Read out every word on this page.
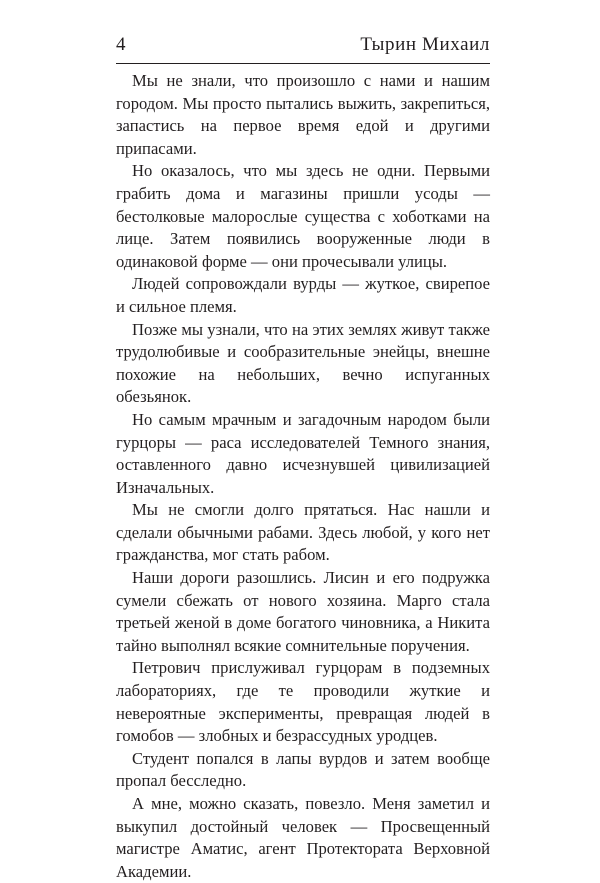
4	Тырин Михаил

Мы не знали, что произошло с нами и нашим городом. Мы просто пытались выжить, закрепиться, запастись на первое время едой и другими припасами.

Но оказалось, что мы здесь не одни. Первыми грабить дома и магазины пришли усоды — бестолковые малорослые существа с хоботками на лице. Затем появились вооруженные люди в одинаковой форме — они прочесывали улицы.

Людей сопровождали вурды — жуткое, свирепое и сильное племя.

Позже мы узнали, что на этих землях живут также трудолюбивые и сообразительные энейцы, внешне похожие на небольших, вечно испуганных обезьянок.

Но самым мрачным и загадочным народом были гурцоры — раса исследователей Темного знания, оставленного давно исчезнувшей цивилизацией Изначальных.

Мы не смогли долго прятаться. Нас нашли и сделали обычными рабами. Здесь любой, у кого нет гражданства, мог стать рабом.

Наши дороги разошлись. Лисин и его подружка сумели сбежать от нового хозяина. Марго стала третьей женой в доме богатого чиновника, а Никита тайно выполнял всякие сомнительные поручения.

Петрович прислуживал гурцорам в подземных лабораториях, где те проводили жуткие и невероятные эксперименты, превращая людей в гомобов — злобных и безрассудных уродцев.

Студент попался в лапы вурдов и затем вообще пропал бесследно.

А мне, можно сказать, повезло. Меня заметил и выкупил достойный человек — Просвещенный магистре Аматис, агент Протектората Верховной Академии.
